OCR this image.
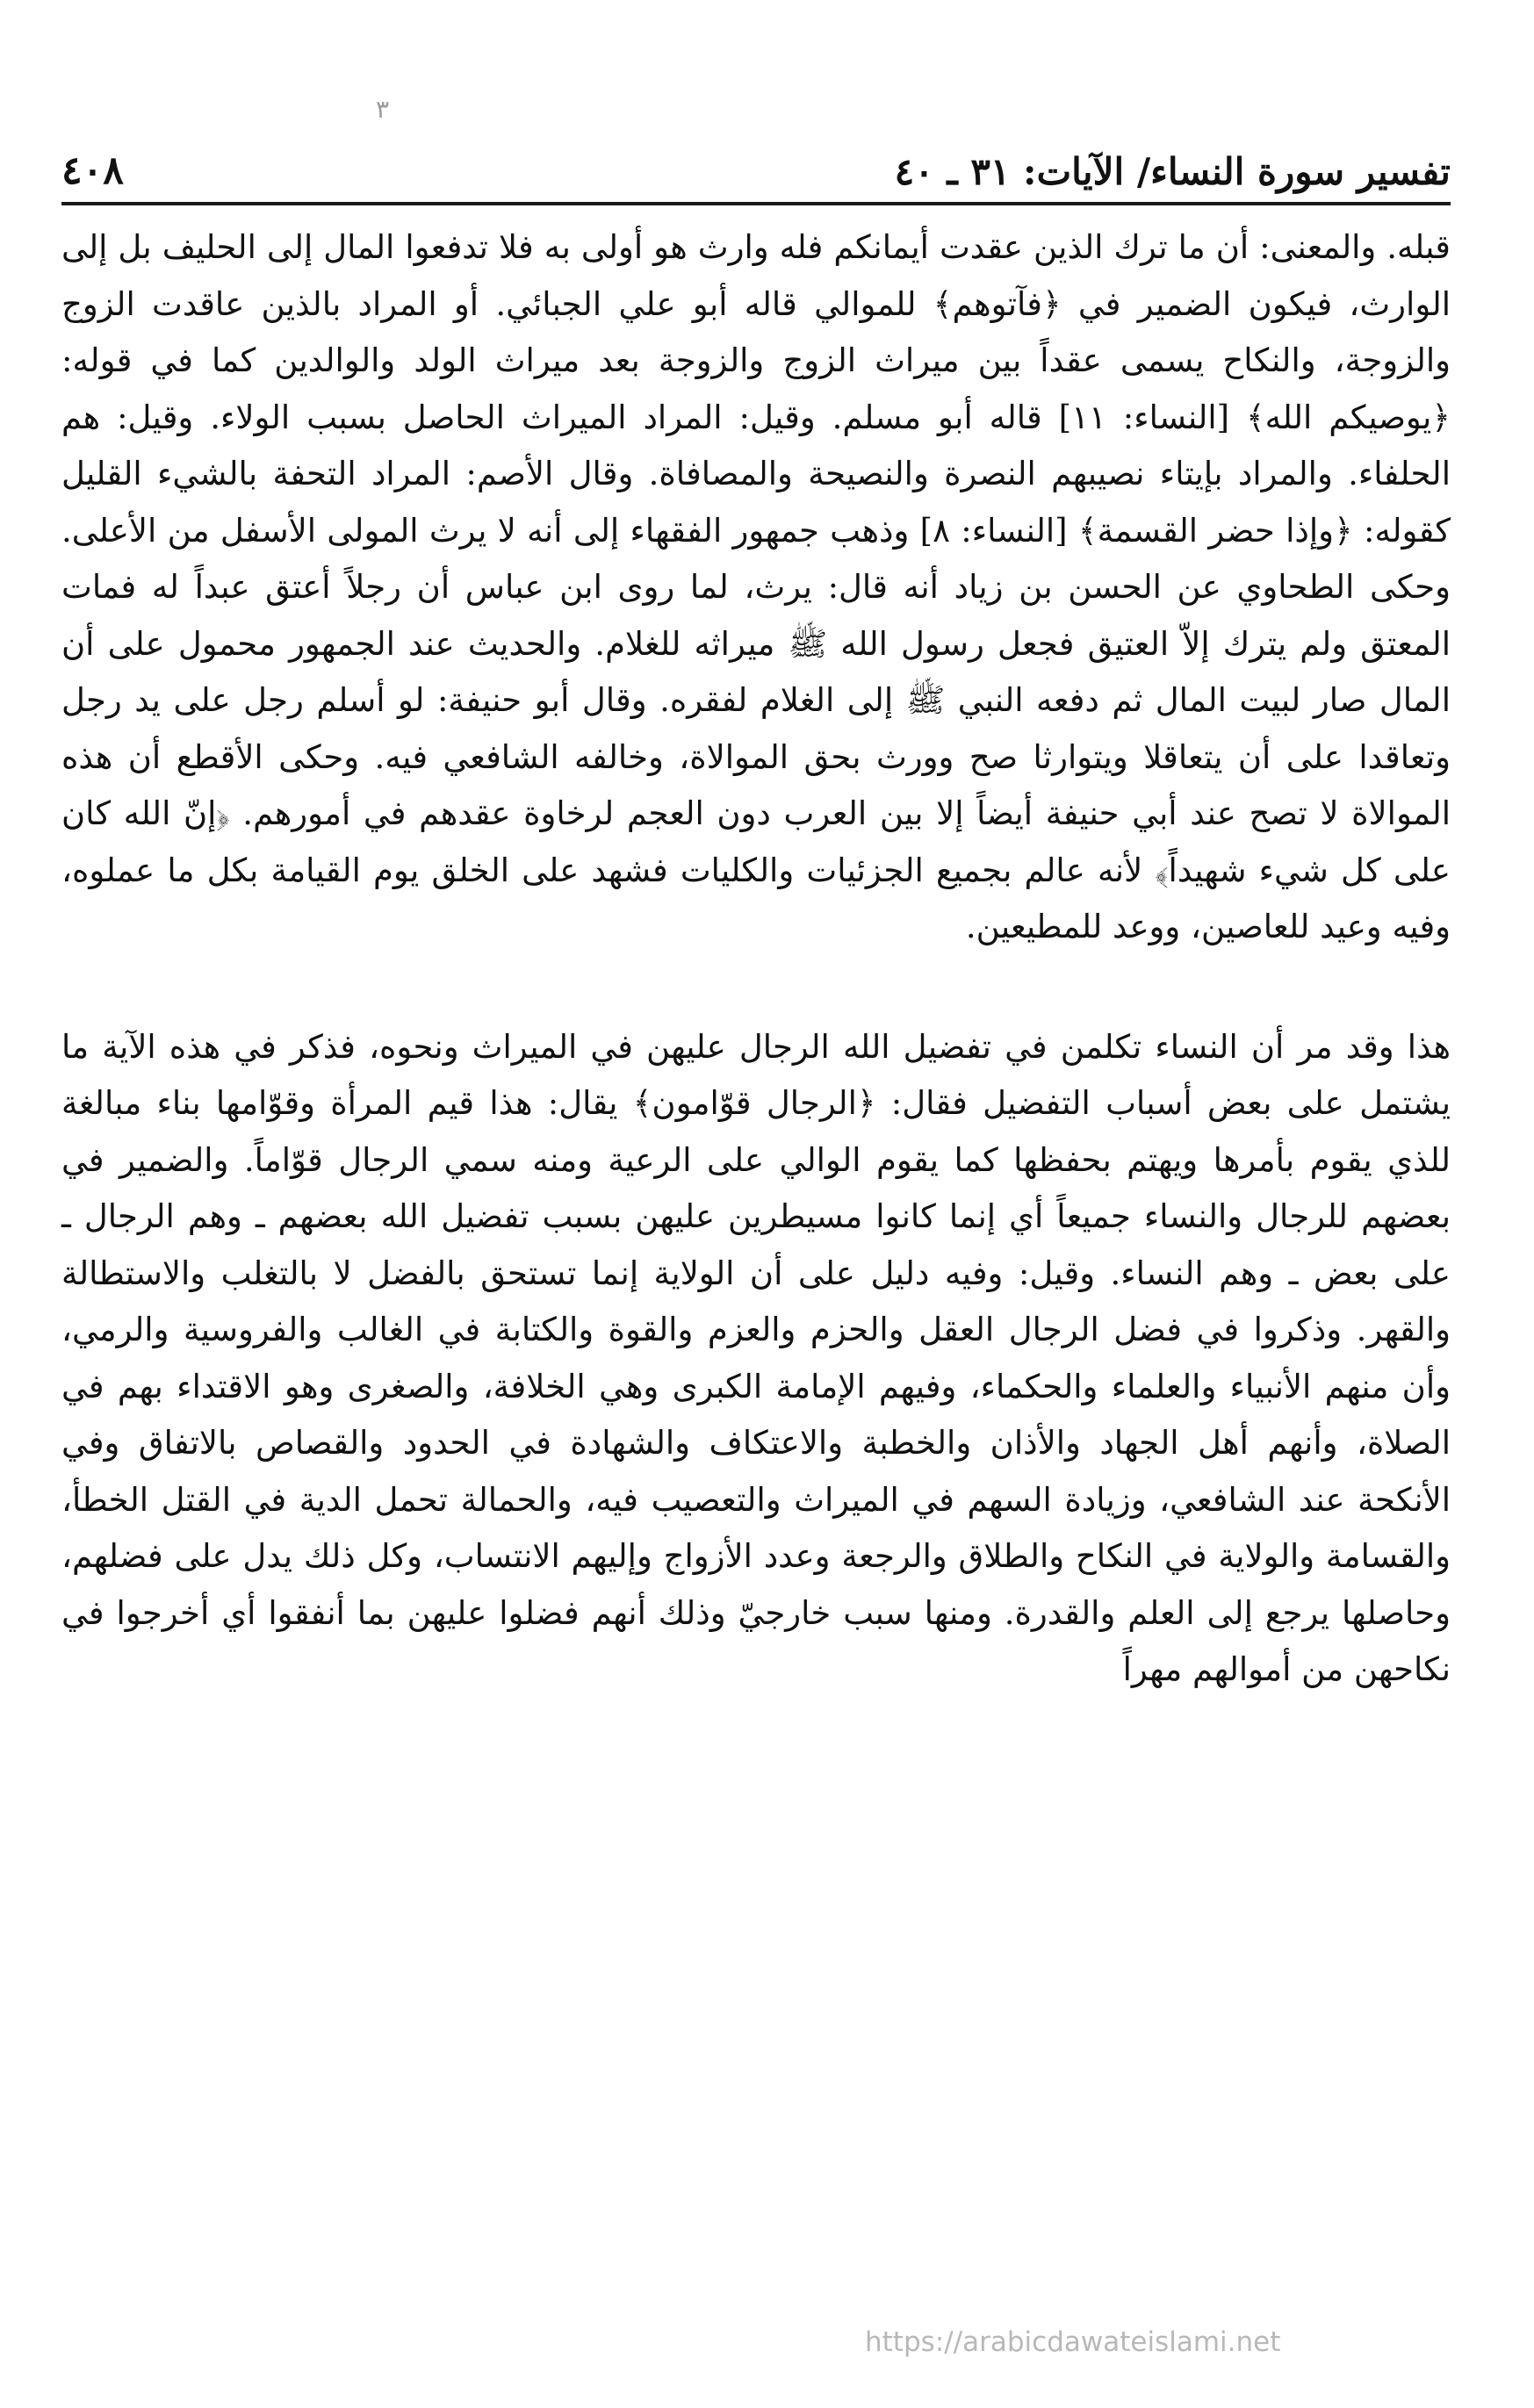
٣
تفسير سورة النساء/ الآيات: ٣١ ـ ٤٠
٤٠٨

قبله. والمعنى: أن ما ترك الذين عقدت أيمانكم فله وارث هو أولى به فلا تدفعوا المال إلى الحليف بل إلى الوارث، فيكون الضمير في ﴿فآتوهم﴾ للموالي قاله أبو علي الجبائي. أو المراد بالذين عاقدت الزوج والزوجة، والنكاح يسمى عقداً بين ميراث الزوج والزوجة بعد ميراث الولد والوالدين كما في قوله: ﴿يوصيكم الله﴾ [النساء: ١١] قاله أبو مسلم. وقيل: المراد الميراث الحاصل بسبب الولاء. وقيل: هم الحلفاء. والمراد بإيتاء نصيبهم النصرة والنصيحة والمصافاة. وقال الأصم: المراد التحفة بالشيء القليل كقوله: ﴿وإذا حضر القسمة﴾ [النساء: ٨] وذهب جمهور الفقهاء إلى أنه لا يرث المولى الأسفل من الأعلى. وحكى الطحاوي عن الحسن بن زياد أنه قال: يرث، لما روى ابن عباس أن رجلاً أعتق عبداً له فمات المعتق ولم يترك إلاّ العتيق فجعل رسول الله ﷺ ميراثه للغلام. والحديث عند الجمهور محمول على أن المال صار لبيت المال ثم دفعه النبي ﷺ إلى الغلام لفقره. وقال أبو حنيفة: لو أسلم رجل على يد رجل وتعاقدا على أن يتعاقلا ويتوارثا صح وورث بحق الموالاة، وخالفه الشافعي فيه. وحكى الأقطع أن هذه الموالاة لا تصح عند أبي حنيفة أيضاً إلا بين العرب دون العجم لرخاوة عقدهم في أمورهم. ﴿إنّ الله كان على كل شيء شهيداً﴾ لأنه عالم بجميع الجزئيات والكليات فشهد على الخلق يوم القيامة بكل ما عملوه، وفيه وعيد للعاصين، ووعد للمطيعين.

هذا وقد مر أن النساء تكلمن في تفضيل الله الرجال عليهن في الميراث ونحوه، فذكر في هذه الآية ما يشتمل على بعض أسباب التفضيل فقال: ﴿الرجال قوّامون﴾ يقال: هذا قيم المرأة وقوّامها بناء مبالغة للذي يقوم بأمرها ويهتم بحفظها كما يقوم الوالي على الرعية ومنه سمي الرجال قوّاماً. والضمير في بعضهم للرجال والنساء جميعاً أي إنما كانوا مسيطرين عليهن بسبب تفضيل الله بعضهم ـ وهم الرجال ـ على بعض ـ وهم النساء. وقيل: وفيه دليل على أن الولاية إنما تستحق بالفضل لا بالتغلب والاستطالة والقهر. وذكروا في فضل الرجال العقل والحزم والعزم والقوة والكتابة في الغالب والفروسية والرمي، وأن منهم الأنبياء والعلماء والحكماء، وفيهم الإمامة الكبرى وهي الخلافة، والصغرى وهو الاقتداء بهم في الصلاة، وأنهم أهل الجهاد والأذان والخطبة والاعتكاف والشهادة في الحدود والقصاص بالاتفاق وفي الأنكحة عند الشافعي، وزيادة السهم في الميراث والتعصيب فيه، والحمالة تحمل الدية في القتل الخطأ، والقسامة والولاية في النكاح والطلاق والرجعة وعدد الأزواج وإليهم الانتساب، وكل ذلك يدل على فضلهم، وحاصلها يرجع إلى العلم والقدرة. ومنها سبب خارجيّ وذلك أنهم فضلوا عليهن بما أنفقوا أي أخرجوا في نكاحهن من أموالهم مهراً

https://arabicdawateislami.net
